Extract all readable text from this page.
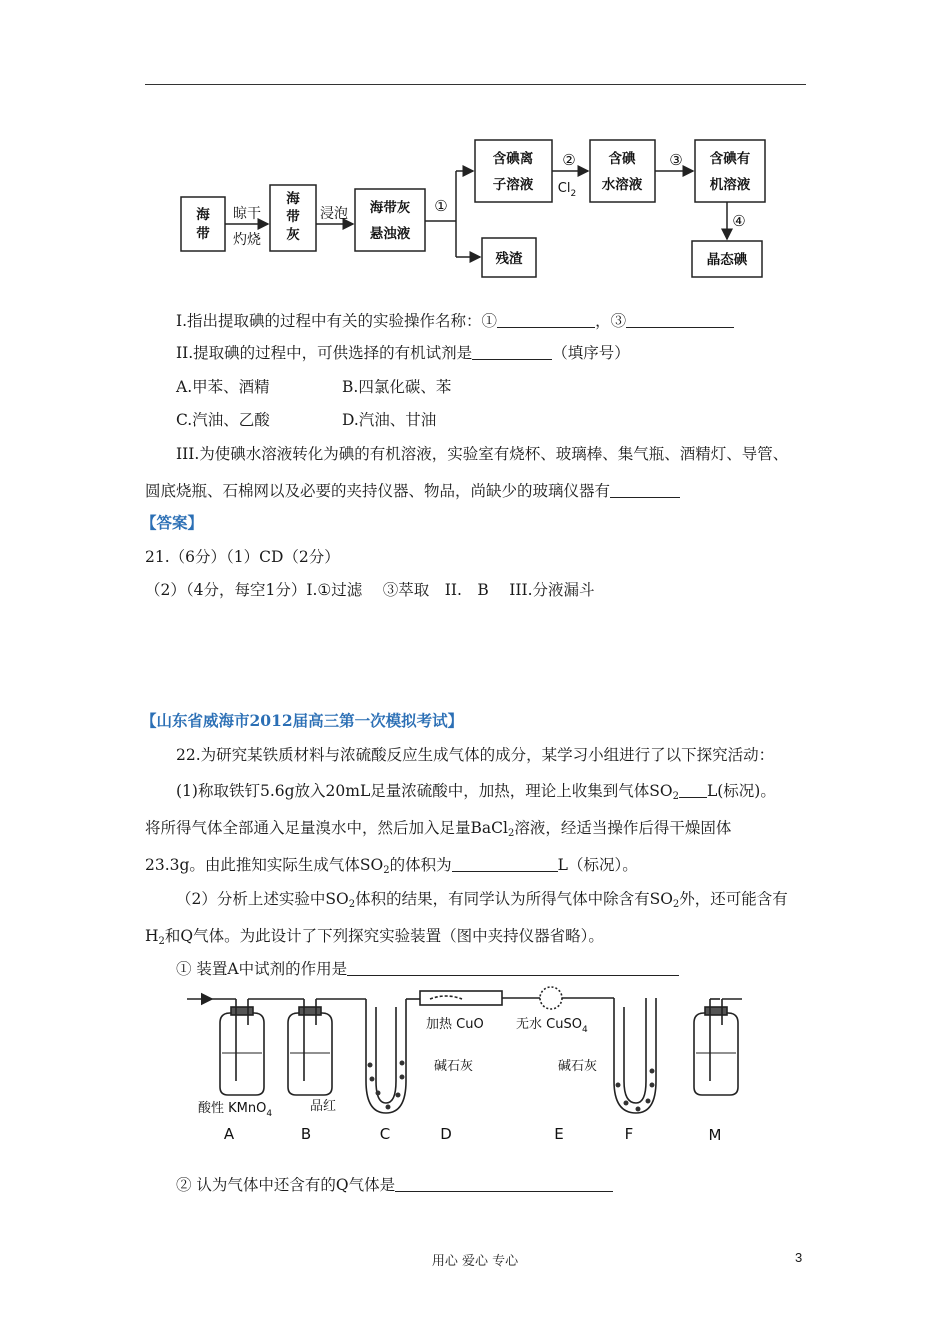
海
带
海
带
灰
海带灰
悬浊液
含碘离
子溶液
残渣
含碘
水溶液
含碘有
机溶液
晶态碘
晾干
灼烧
浸泡	①
②
$Cl_2$
③
④
I.指出提取碘的过程中有关的实验操作名称：①	，③
II.提取碘的过程中，可供选择的有机试剂是	（填序号）
A.甲苯、酒精	B.四氯化碳、苯
C.汽油、乙酸	D.汽油、甘油
III.为使碘水溶液转化为碘的有机溶液，实验室有烧杯、玻璃棒、集气瓶、酒精灯、导管、
圆底烧瓶、石棉网以及必要的夹持仪器、物品，尚缺少的玻璃仪器有
【答案】
21.（6分）（1）CD（2分）
（2）（4分，每空1分）I.①过滤　 ③萃取　II.　B　 III.分液漏斗
【山东省威海市2012届高三第一次模拟考试】
22.为研究某铁质材料与浓硫酸反应生成气体的成分，某学习小组进行了以下探究活动：
(1)称取铁钉5.6g放入20mL足量浓硫酸中，加热，理论上收集到气体$SO_2$ L(标况)。
将所得气体全部通入足量溴水中，然后加入足量BaCl$_2$溶液，经适当操作后得干燥固体
23.3g。由此推知实际生成气体$SO_2$的体积为	L（标况）。
（2）分析上述实验中$SO_2$体积的结果，有同学认为所得气体中除含有$SO_2$外，还可能含有
$H_2$和Q气体。为此设计了下列探究实验装置（图中夹持仪器省略）。
① 装置A中试剂的作用是
酸性 KMnO$_4$	品红
碱石灰
加热 CuO 无水 CuSO$_4$
碱石灰
A	B	C	D	E	F	M
② 认为气体中还含有的Q气体是
用心 爱心 专心	3
